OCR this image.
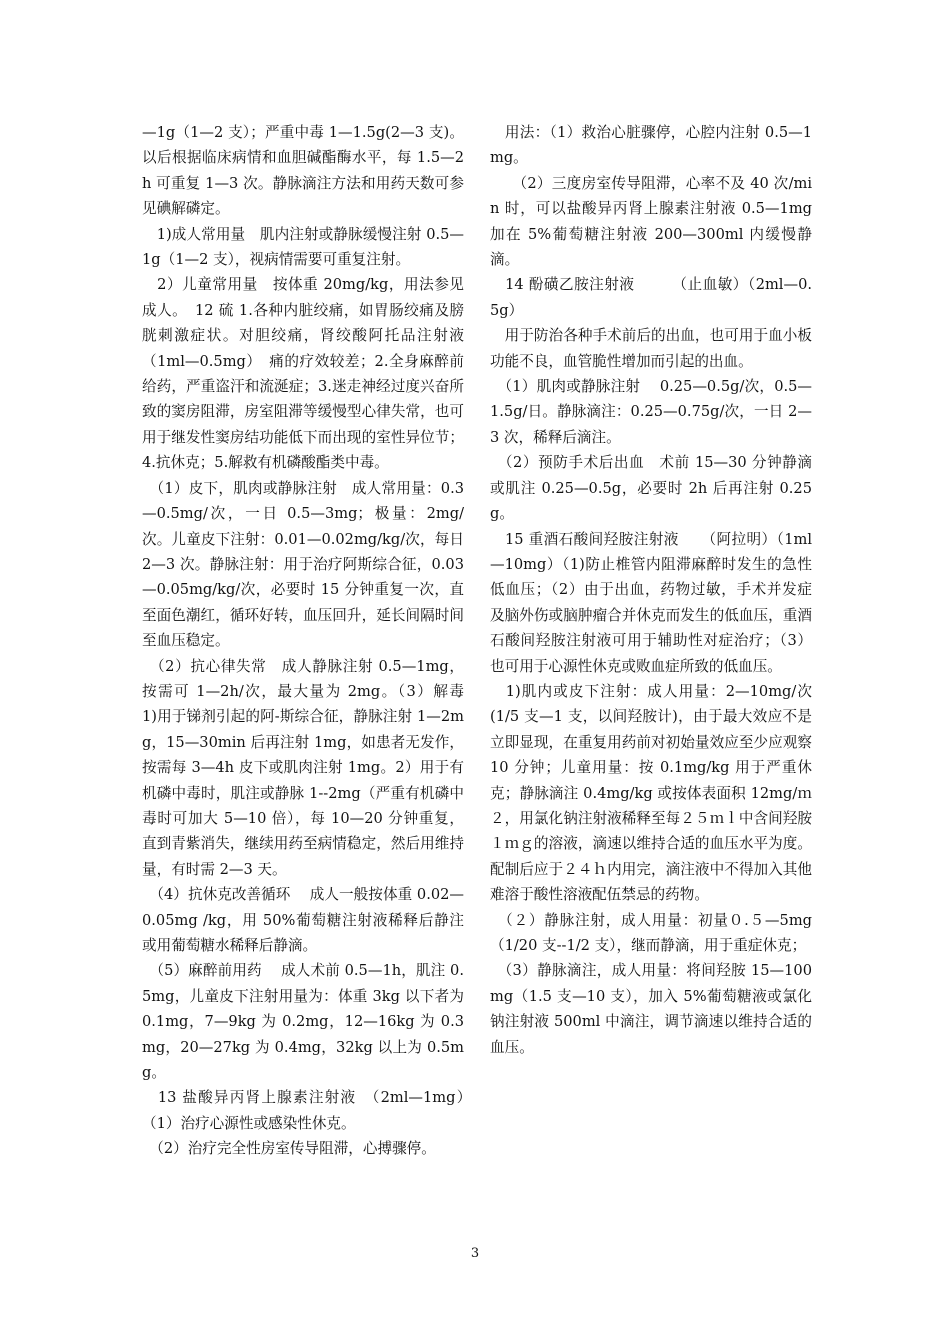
—1g（1—2 支）；严重中毒 1—1.5g(2—3 支)。以后根据临床病情和血胆碱酯酶水平，每 1.5—2h 可重复 1—3 次。静脉滴注方法和用药天数可参见碘解磷定。

　1)成人常用量　肌内注射或静脉缓慢注射 0.5—1g（1—2 支），视病情需要可重复注射。

　2）儿童常用量　按体重 20mg/kg，用法参见成人。　12 硫 1.各种内脏绞痛，如胃肠绞痛及膀胱刺激症状。对胆绞痛，肾绞酸阿托品注射液　（1ml—0.5mg）　痛的疗效较差；2.全身麻醉前给药，严重盗汗和流涎症；3.迷走神经过度兴奋所致的窦房阻滞，房室阻滞等缓慢型心律失常，也可用于继发性窦房结功能低下而出现的室性异位节；4.抗休克；5.解救有机磷酸酯类中毒。

　（1）皮下，肌肉或静脉注射　成人常用量：0.3—0.5mg/次，一日 0.5—3mg；极量：2mg/次。儿童皮下注射：0.01—0.02mg/kg/次，每日 2—3 次。静脉注射：用于治疗阿斯综合征，0.03—0.05mg/kg/次，必要时 15 分钟重复一次，直至面色潮红，循环好转，血压回升，延长间隔时间至血压稳定。

　（2）抗心律失常　成人静脉注射 0.5—1mg，按需可 1—2h/次，最大量为 2mg。（3）解毒　 1)用于锑剂引起的阿-斯综合征，静脉注射 1—2mg，15—30min 后再注射 1mg，如患者无发作，按需每 3—4h 皮下或肌肉注射 1mg。2）用于有机磷中毒时，肌注或静脉 1--2mg（严重有机磷中毒时可加大 5—10 倍），每 10—20 分钟重复，直到青紫消失，继续用药至病情稳定，然后用维持量，有时需 2—3 天。

　（4）抗休克改善循环　 成人一般按体重 0.02—0.05mg /kg，用 50%葡萄糖注射液稀释后静注或用葡萄糖水稀释后静滴。

　（5）麻醉前用药　 成人术前 0.5—1h，肌注 0.5mg，儿童皮下注射用量为：体重 3kg 以下者为 0.1mg，7—9kg 为 0.2mg，12—16kg 为 0.3mg，20—27kg 为 0.4mg，32kg 以上为 0.5mg。

　13 盐酸异丙肾上腺素注射液　（2ml—1mg）　（1）治疗心源性或感染性休克。

　（2）治疗完全性房室传导阻滞，心搏骤停。

　用法：（1）救治心脏骤停，心腔内注射 0.5—1mg。

　　（2）三度房室传导阻滞，心率不及 40 次/min 时，可以盐酸异丙肾上腺素注射液 0.5—1mg 加在 5%葡萄糖注射液 200—300ml 内缓慢静滴。

　14 酚磺乙胺注射液　　　（止血敏）（2ml—0.5g）

　用于防治各种手术前后的出血，也可用于血小板功能不良，血管脆性增加而引起的出血。

　（1）肌肉或静脉注射　 0.25—0.5g/次，0.5—1.5g/日。静脉滴注：0.25—0.75g/次，一日 2—3 次，稀释后滴注。

　（2）预防手术后出血　术前 15—30 分钟静滴或肌注 0.25—0.5g，必要时 2h 后再注射 0.25g。

　15 重酒石酸间羟胺注射液　　（阿拉明）（1ml—10mg）（1)防止椎管内阻滞麻醉时发生的急性低血压；（2）由于出血，药物过敏，手术并发症及脑外伤或脑肿瘤合并休克而发生的低血压，重酒石酸间羟胺注射液可用于辅助性对症治疗；（3）也可用于心源性休克或败血症所致的低血压。

　1)肌内或皮下注射：成人用量：2—10mg/次(1/5 支—1 支，以间羟胺计)，由于最大效应不是立即显现，在重复用药前对初始量效应至少应观察 10 分钟；儿童用量：按 0.1mg/kg 用于严重休克；静脉滴注 0.4mg/kg 或按体表面积 12mg/ｍ２，用氯化钠注射液稀释至每２５ｍｌ中含间羟胺１ｍｇ的溶液，滴速以维持合适的血压水平为度。配制后应于２４ｈ内用完，滴注液中不得加入其他难溶于酸性溶液配伍禁忌的药物。

　（２）静脉注射，成人用量：初量０.５—5mg（1/20 支--1/2 支），继而静滴，用于重症休克；

　（3）静脉滴注，成人用量：将间羟胺 15—100mg（1.5 支—10 支），加入 5%葡萄糖液或氯化钠注射液 500ml 中滴注，调节滴速以维持合适的血压。

3
